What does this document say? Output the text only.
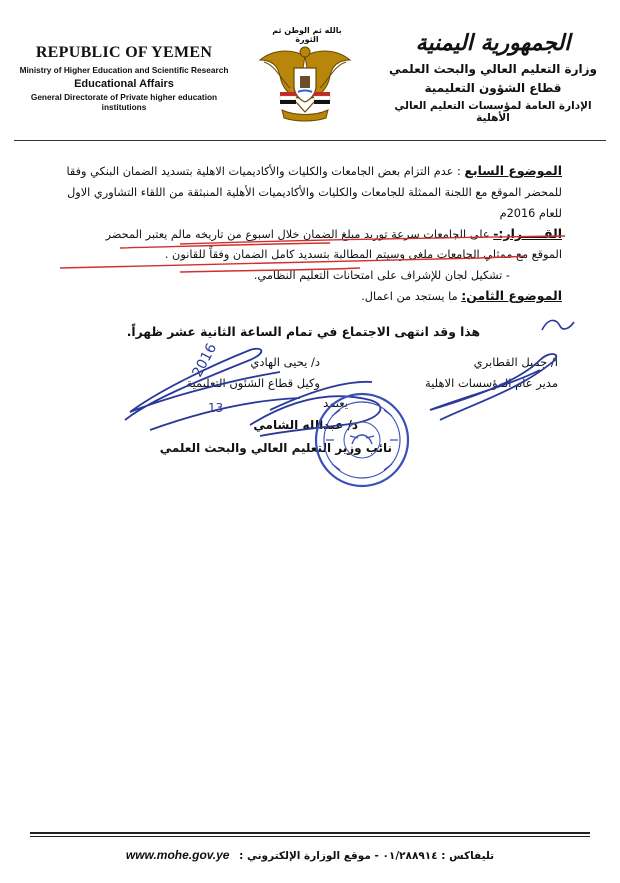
REPUBLIC OF YEMEN
Ministry of Higher Education and Scientific Research
Educational Affairs
General Directorate of Private higher education institutions
بالله ثم الوطن ثم الثورة	الجمهورية اليمنية
وزارة التعليم العالي والبحث العلمي
قطاع الشؤون التعليمية
الإدارة العامة لمؤسسات التعليم العالي الأهلية
الموضوع السابع : عدم التزام بعض الجامعات والكليات والأكاديميات الاهلية بتسديد الضمان البنكي وفقا
للمحضر الموقع مع اللجنة الممثلة للجامعات والكليات والأكاديميات الأهلية المنبثقة من اللقاء التشاوري الاول
للعام 2016م
القـــــرار:- على الجامعات سرعة توريد مبلغ الضمان خلال اسبوع من تاريخه مالم يعتبر المحضر
الموقع مع ممثلي الجامعات ملغى وسيتم المطالبة بتسديد كامل الضمان وفقاً للقانون .
- تشكيل لجان للإشراف على امتحانات التعليم النظامي.
الموضوع الثامن: ما يستجد من اعمال.
هذا وقد انتهى الاجتماع في تمام الساعة الثانية عشر ظهراً.
أ/ جميل القطابري
مدير عام المؤسسات الاهلية
د/ يحيى الهادي
وكيل قطاع الشئون التعليمية
يعتمد
د/ عبدالله الشامي
نائب وزير التعليم العالي والبحث العلمي
2016
13
www.mohe.gov.ye تليفاكس : ٠١/٢٨٨٩١٤ - موقع الوزارة الإلكتروني :
